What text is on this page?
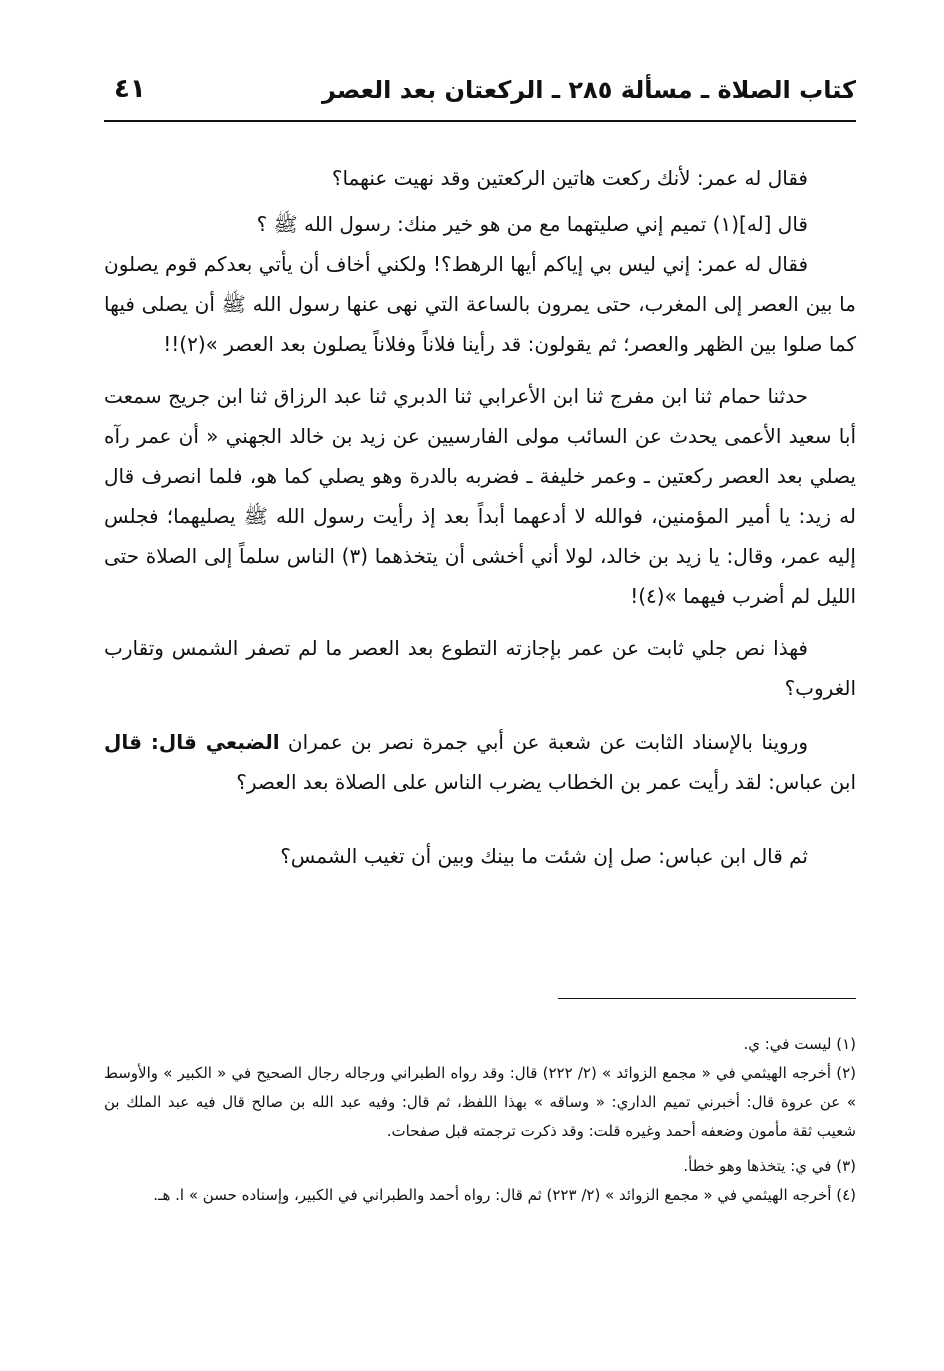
كتاب الصلاة ـ مسألة ٢٨٥ ـ الركعتان بعد العصر
٤١

فقال له عمر: لأنك ركعت هاتين الركعتين وقد نهيت عنهما؟

قال [له](١) تميم إني صليتهما مع من هو خير منك: رسول الله ﷺ ؟

فقال له عمر: إني ليس بي إياكم أيها الرهط؟! ولكني أخاف أن يأتي بعدكم قوم يصلون ما بين العصر إلى المغرب، حتى يمرون بالساعة التي نهى عنها رسول الله ﷺ أن يصلى فيها كما صلوا بين الظهر والعصر؛ ثم يقولون: قد رأينا فلاناً وفلاناً يصلون بعد العصر »(٢)!!

حدثنا حمام ثنا ابن مفرج ثنا ابن الأعرابي ثنا الدبري ثنا عبد الرزاق ثنا ابن جريج سمعت أبا سعيد الأعمى يحدث عن السائب مولى الفارسيين عن زيد بن خالد الجهني « أن عمر رآه يصلي بعد العصر ركعتين ـ وعمر خليفة ـ فضربه بالدرة وهو يصلي كما هو، فلما انصرف قال له زيد: يا أمير المؤمنين، فوالله لا أدعهما أبداً بعد إذ رأيت رسول الله ﷺ يصليهما؛ فجلس إليه عمر، وقال: يا زيد بن خالد، لولا أني أخشى أن يتخذهما (٣) الناس سلماً إلى الصلاة حتى الليل لم أضرب فيهما »(٤)!

فهذا نص جلي ثابت عن عمر بإجازته التطوع بعد العصر ما لم تصفر الشمس وتقارب الغروب؟

وروينا بالإسناد الثابت عن شعبة عن أبي جمرة نصر بن عمران الضبعي قال: قال ابن عباس: لقد رأيت عمر بن الخطاب يضرب الناس على الصلاة بعد العصر؟

ثم قال ابن عباس: صل إن شئت ما بينك وبين أن تغيب الشمس؟

(١) ليست في: ي.

(٢) أخرجه الهيثمي في « مجمع الزوائد » (٢/ ٢٢٢) قال: وقد رواه الطبراني ورجاله رجال الصحيح في « الكبير » والأوسط » عن عروة قال: أخبرني تميم الداري: « وساقه » بهذا اللفظ، ثم قال: وفيه عبد الله بن صالح قال فيه عبد الملك بن شعيب ثقة مأمون وضعفه أحمد وغيره قلت: وقد ذكرت ترجمته قبل صفحات.

(٣) في ي: يتخذها وهو خطأ.

(٤) أخرجه الهيثمي في « مجمع الزوائد » (٢/ ٢٢٣) ثم قال: رواه أحمد والطبراني في الكبير، وإسناده حسن » ا. هـ.
